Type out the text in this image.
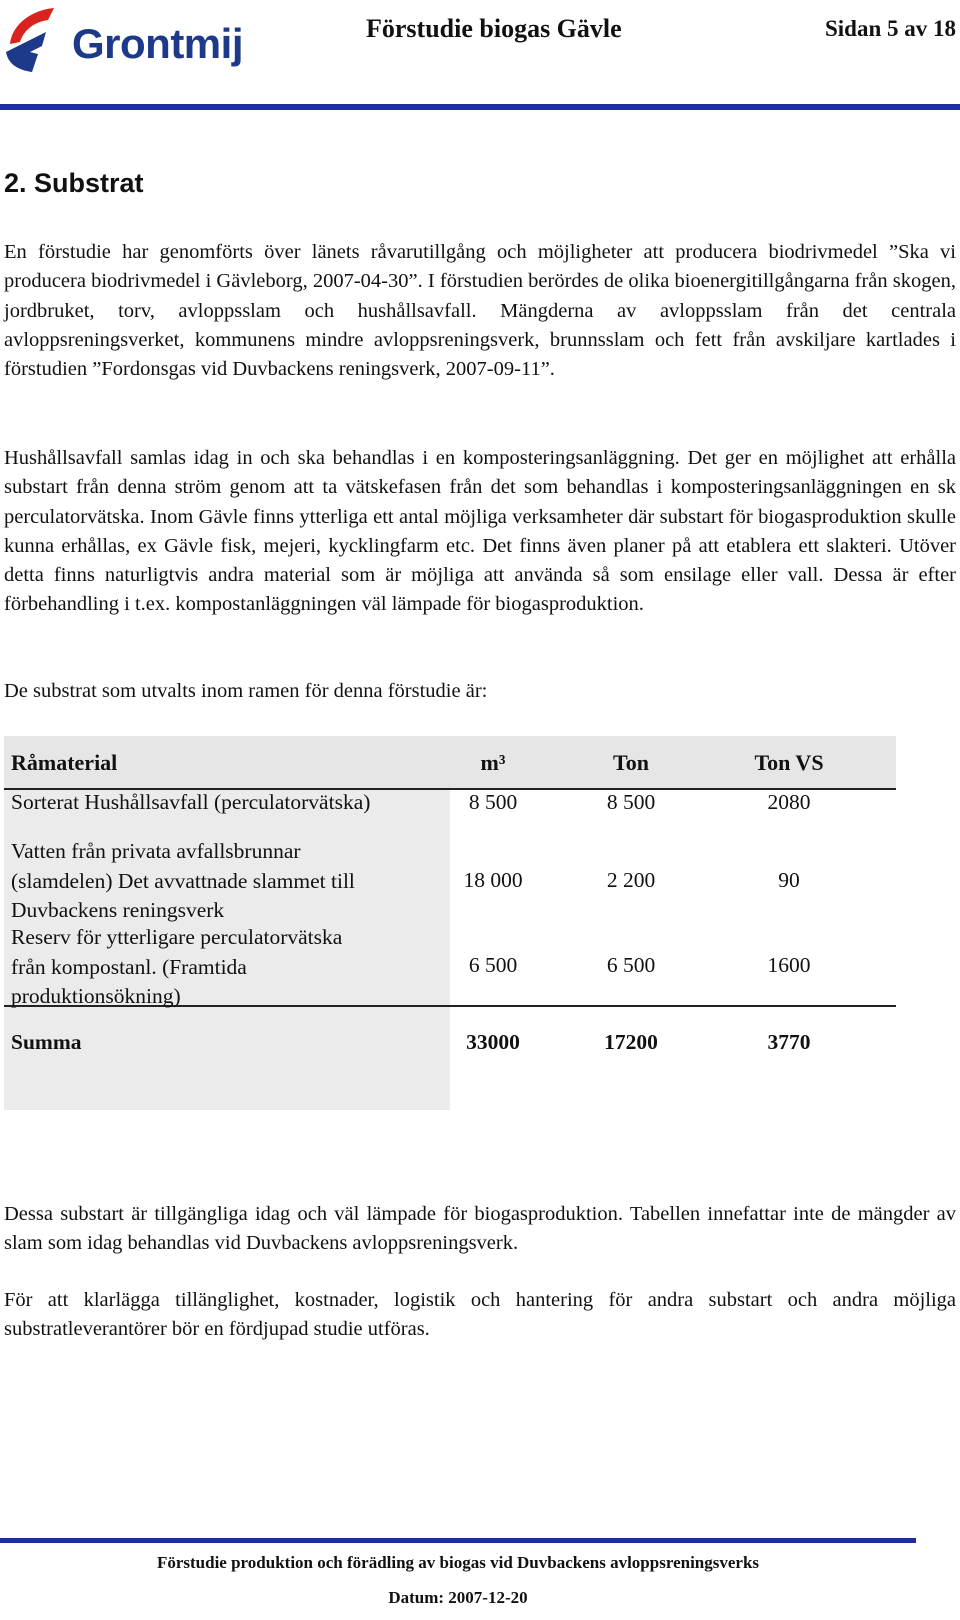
Grontmij	Förstudie biogas Gävle	Sidan 5 av 18
2. Substrat

En förstudie har genomförts över länets råvarutillgång och möjligheter att producera biodrivmedel ”Ska vi producera biodrivmedel i Gävleborg, 2007-04-30”. I förstudien berördes de olika bioenergitillgångarna från skogen, jordbruket, torv, avloppsslam och hushållsavfall. Mängderna av avloppsslam från det centrala avloppsreningsverket, kommunens mindre avloppsreningsverk, brunnsslam och fett från avskiljare kartlades i förstudien ”Fordonsgas vid Duvbackens reningsverk, 2007-09-11”.

Hushållsavfall samlas idag in och ska behandlas i en komposteringsanläggning. Det ger en möjlighet att erhålla substart från denna ström genom att ta vätskefasen från det som behandlas i komposteringsanläggningen en sk perculatorvätska. Inom Gävle finns ytterliga ett antal möjliga verksamheter där substart för biogasproduktion skulle kunna erhållas, ex Gävle fisk, mejeri, kycklingfarm etc. Det finns även planer på att etablera ett slakteri. Utöver detta finns naturligtvis andra material som är möjliga att använda så som ensilage eller vall. Dessa är efter förbehandling i t.ex. kompostanläggningen väl lämpade för biogasproduktion.

De substrat som utvalts inom ramen för denna förstudie är:

Råmaterial	m³	Ton	Ton VS
Sorterat Hushållsavfall (perculatorvätska)	8 500	8 500	2080
Vatten från privata avfallsbrunnar
(slamdelen) Det avvattnade slammet till
Duvbackens reningsverk
18 000	2 200	90
Reserv för ytterligare perculatorvätska
från kompostanl. (Framtida
produktionsökning)
6 500	6 500	1600
Summa	33000	17200	3770

Dessa substart är tillgängliga idag och väl lämpade för biogasproduktion. Tabellen innefattar inte de mängder av slam som idag behandlas vid Duvbackens avloppsreningsverk.

För att klarlägga tillänglighet, kostnader, logistik och hantering för andra substart och andra möjliga substratleverantörer bör en fördjupad studie utföras.

Förstudie produktion och förädling av biogas vid Duvbackens avloppsreningsverks
Datum: 2007-12-20
